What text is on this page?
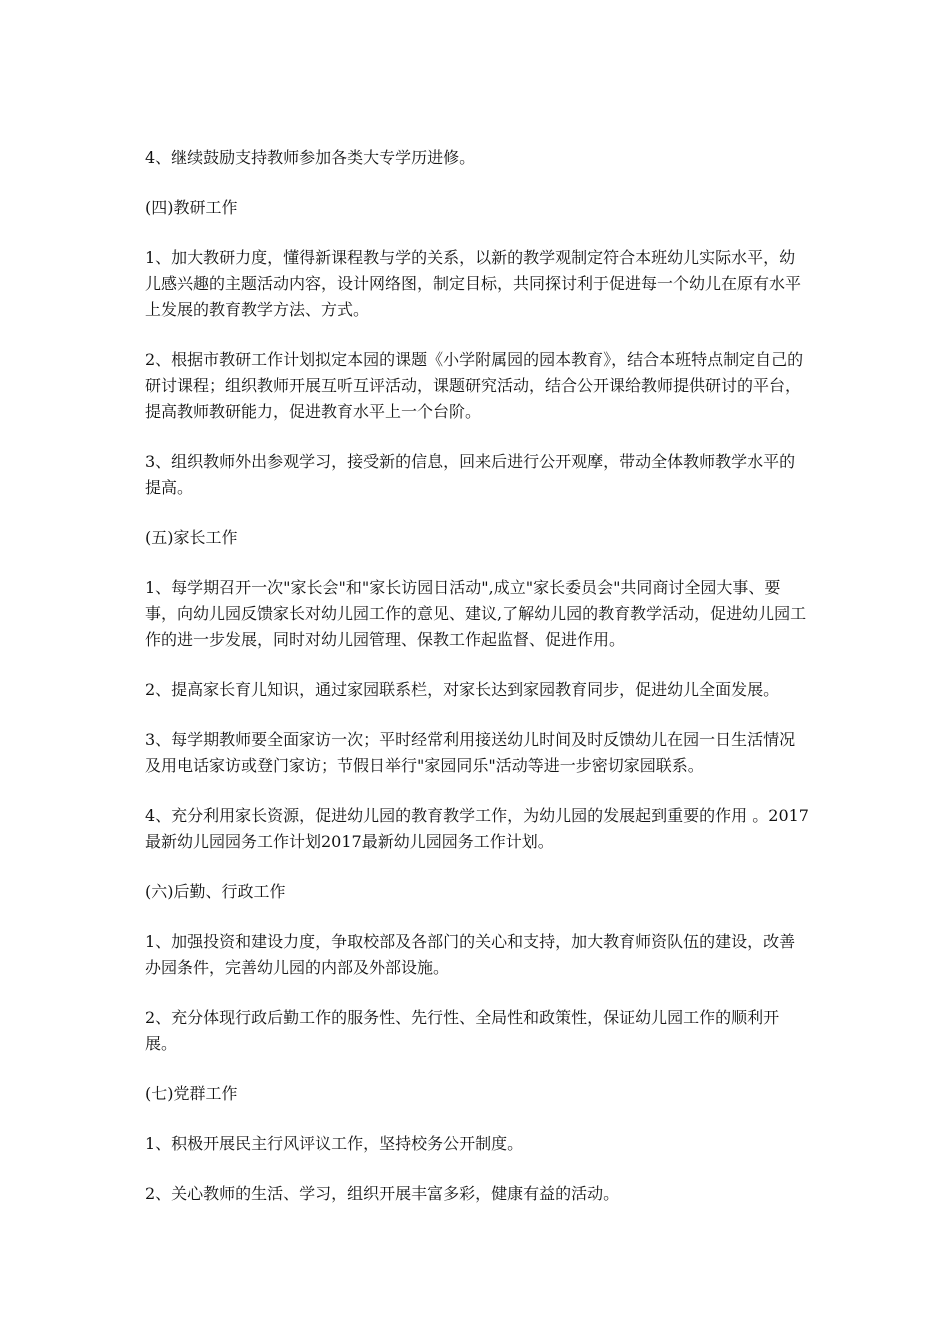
4、继续鼓励支持教师参加各类大专学历进修。

(四)教研工作

1、加大教研力度，懂得新课程教与学的关系，以新的教学观制定符合本班幼儿实际水平，幼儿感兴趣的主题活动内容，设计网络图，制定目标，共同探讨利于促进每一个幼儿在原有水平上发展的教育教学方法、方式。

2、根据市教研工作计划拟定本园的课题《小学附属园的园本教育》，结合本班特点制定自己的研讨课程；组织教师开展互听互评活动，课题研究活动，结合公开课给教师提供研讨的平台，提高教师教研能力，促进教育水平上一个台阶。

3、组织教师外出参观学习，接受新的信息，回来后进行公开观摩，带动全体教师教学水平的提高。

(五)家长工作

1、每学期召开一次"家长会"和"家长访园日活动",成立"家长委员会"共同商讨全园大事、要事，向幼儿园反馈家长对幼儿园工作的意见、建议,了解幼儿园的教育教学活动，促进幼儿园工作的进一步发展，同时对幼儿园管理、保教工作起监督、促进作用。

2、提高家长育儿知识，通过家园联系栏，对家长达到家园教育同步，促进幼儿全面发展。

3、每学期教师要全面家访一次；平时经常利用接送幼儿时间及时反馈幼儿在园一日生活情况及用电话家访或登门家访；节假日举行"家园同乐"活动等进一步密切家园联系。

4、充分利用家长资源，促进幼儿园的教育教学工作，为幼儿园的发展起到重要的作用 。2017最新幼儿园园务工作计划2017最新幼儿园园务工作计划。

(六)后勤、行政工作

1、加强投资和建设力度，争取校部及各部门的关心和支持，加大教育师资队伍的建设，改善办园条件，完善幼儿园的内部及外部设施。

2、充分体现行政后勤工作的服务性、先行性、全局性和政策性，保证幼儿园工作的顺利开展。

(七)党群工作

1、积极开展民主行风评议工作，坚持校务公开制度。

2、关心教师的生活、学习，组织开展丰富多彩，健康有益的活动。
